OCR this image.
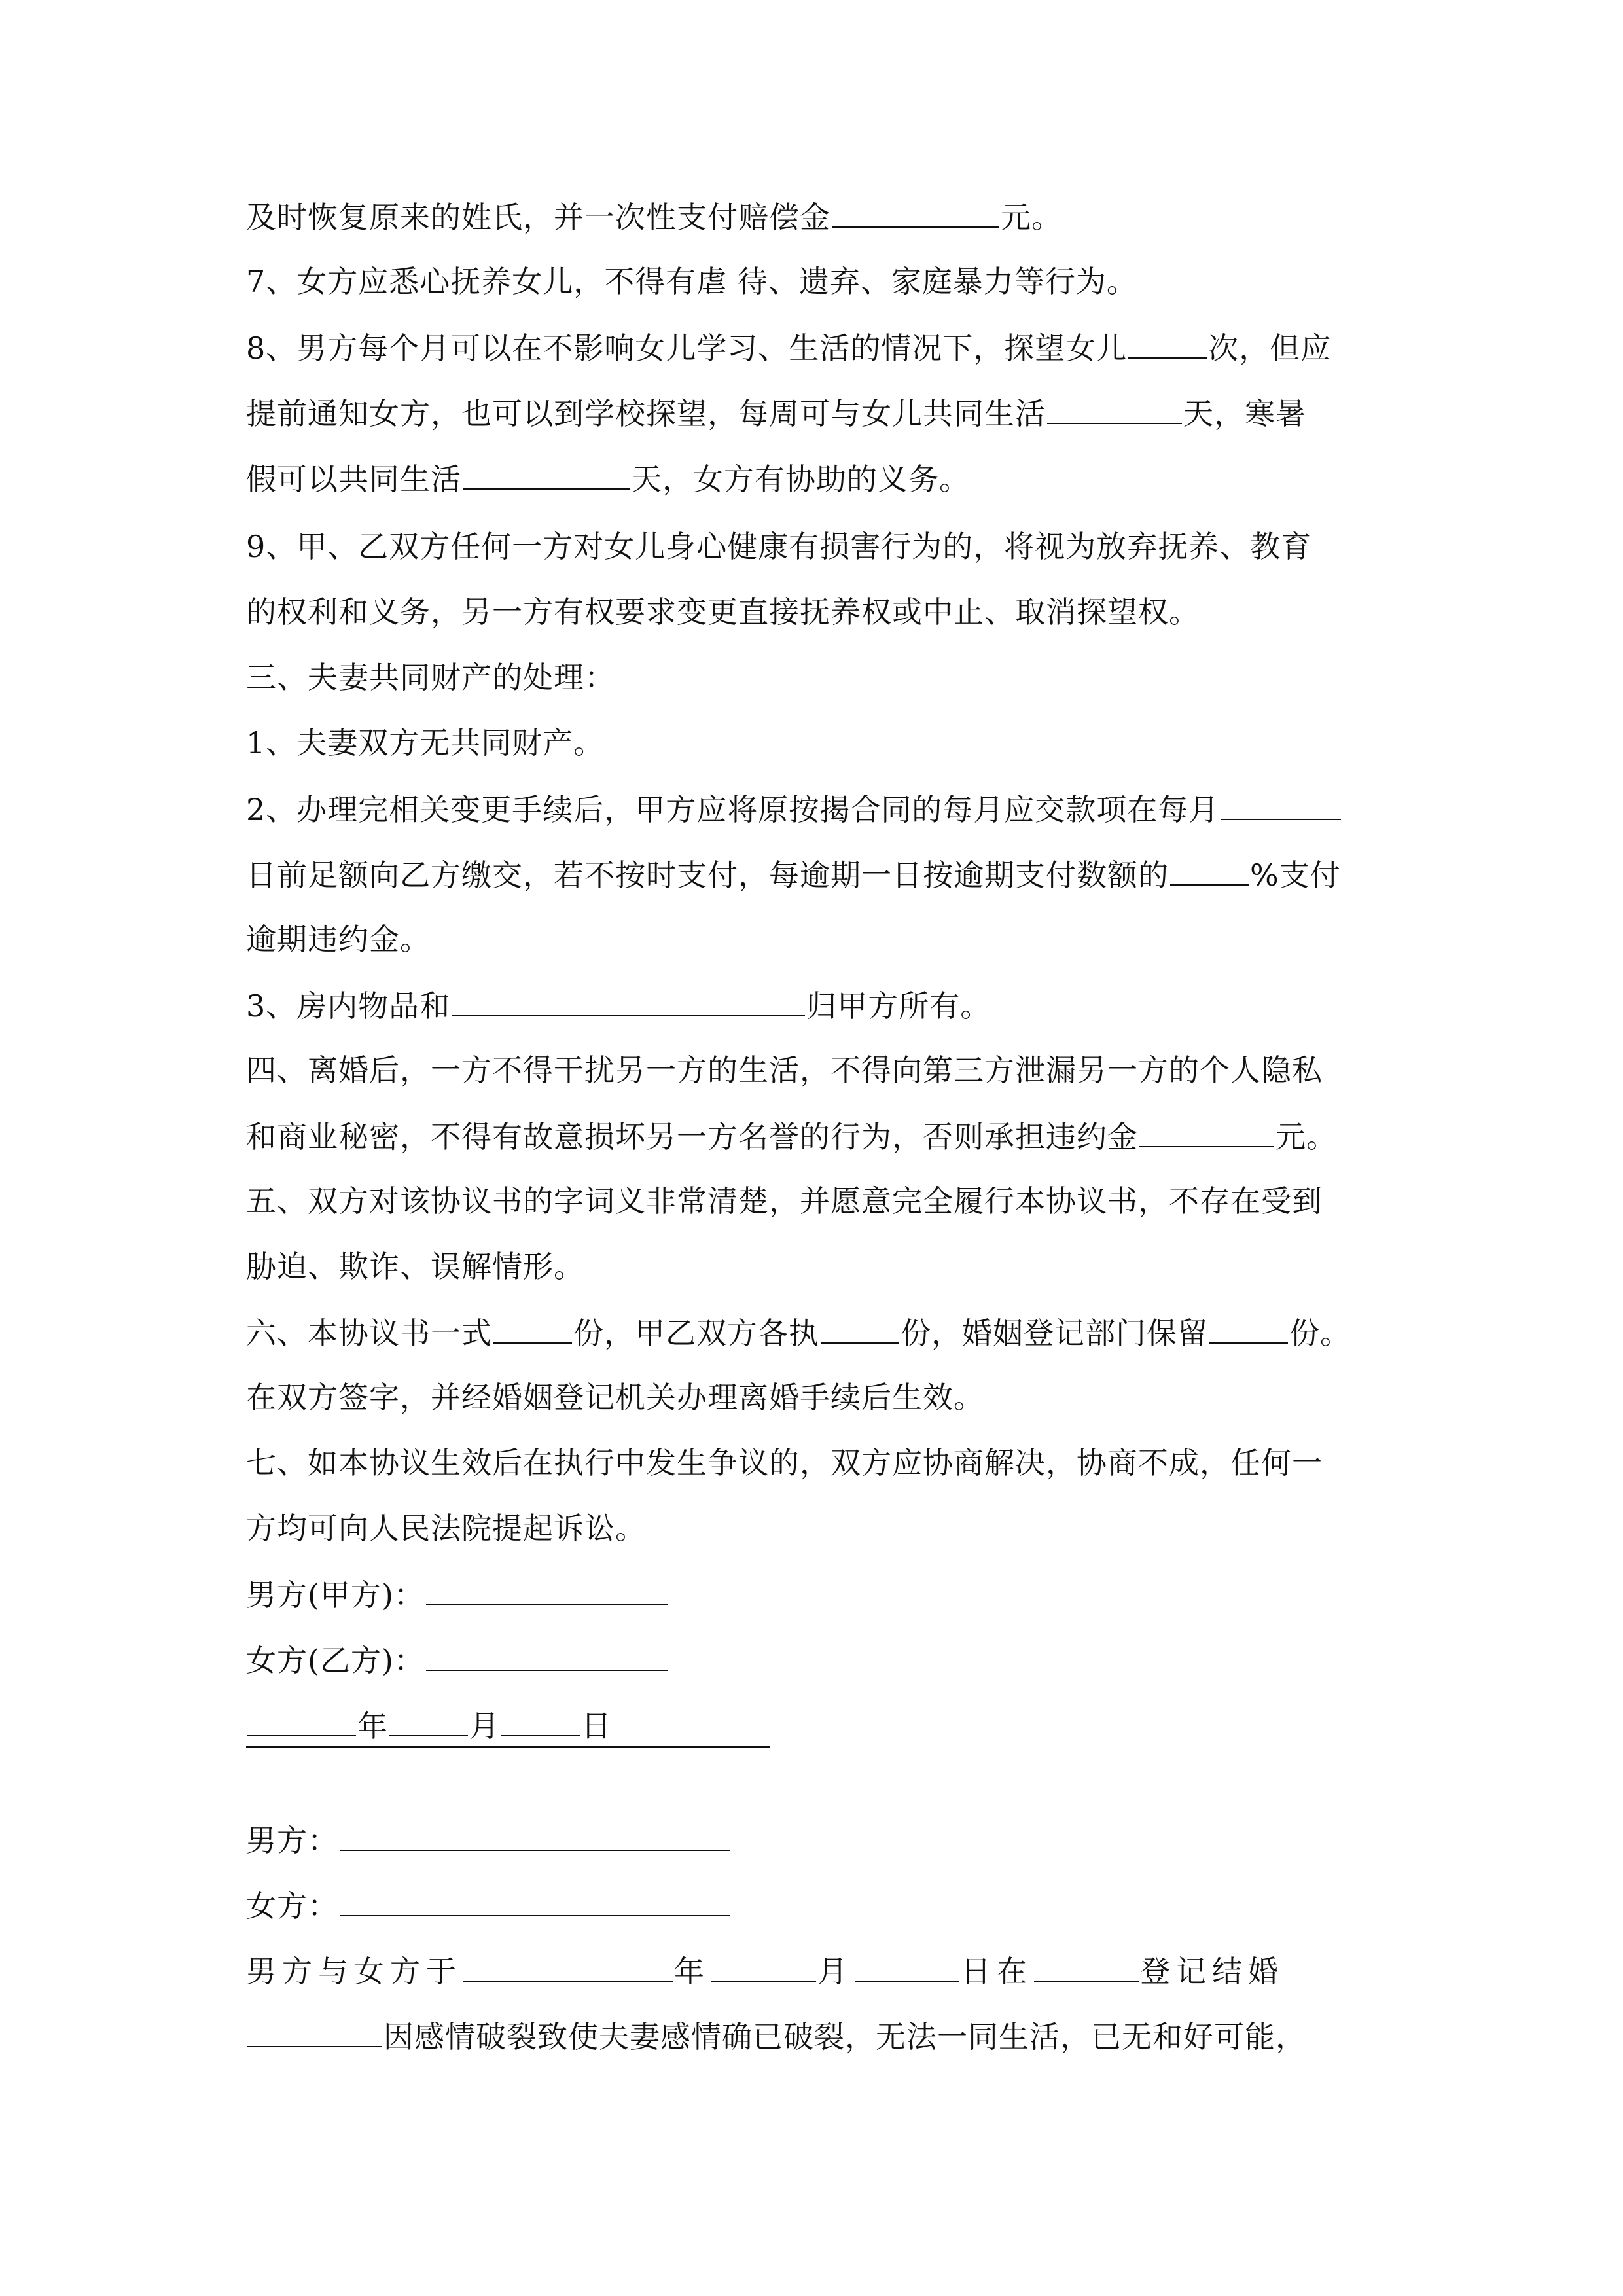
及时恢复原来的姓氏，并一次性支付赔偿金	元。
7、女方应悉心抚养女儿，不得有虐 待、遗弃、家庭暴力等行为。
8、男方每个月可以在不影响女儿学习、生活的情况下，探望女儿	次，但应
提前通知女方，也可以到学校探望，每周可与女儿共同生活	天，寒暑
假可以共同生活	天，女方有协助的义务。
9、甲、乙双方任何一方对女儿身心健康有损害行为的，将视为放弃抚养、教育
的权利和义务，另一方有权要求变更直接抚养权或中止、取消探望权。
三、夫妻共同财产的处理：
1、夫妻双方无共同财产。
2、办理完相关变更手续后，甲方应将原按揭合同的每月应交款项在每月
日前足额向乙方缴交，若不按时支付，每逾期一日按逾期支付数额的	%支付
逾期违约金。
3、房内物品和	归甲方所有。
四、离婚后，一方不得干扰另一方的生活，不得向第三方泄漏另一方的个人隐私
和商业秘密，不得有故意损坏另一方名誉的行为，否则承担违约金	元。
五、双方对该协议书的字词义非常清楚，并愿意完全履行本协议书，不存在受到
胁迫、欺诈、误解情形。
六、本协议书一式	份，甲乙双方各执	份，婚姻登记部门保留	份。
在双方签字，并经婚姻登记机关办理离婚手续后生效。
七、如本协议生效后在执行中发生争议的，双方应协商解决，协商不成，任何一
方均可向人民法院提起诉讼。
男方(甲方)：
女方(乙方)：
年	月	日
男方：
女方：
男方与女方于	年	月	日在	登记结婚
因感情破裂致使夫妻感情确已破裂，无法一同生活，已无和好可能，
